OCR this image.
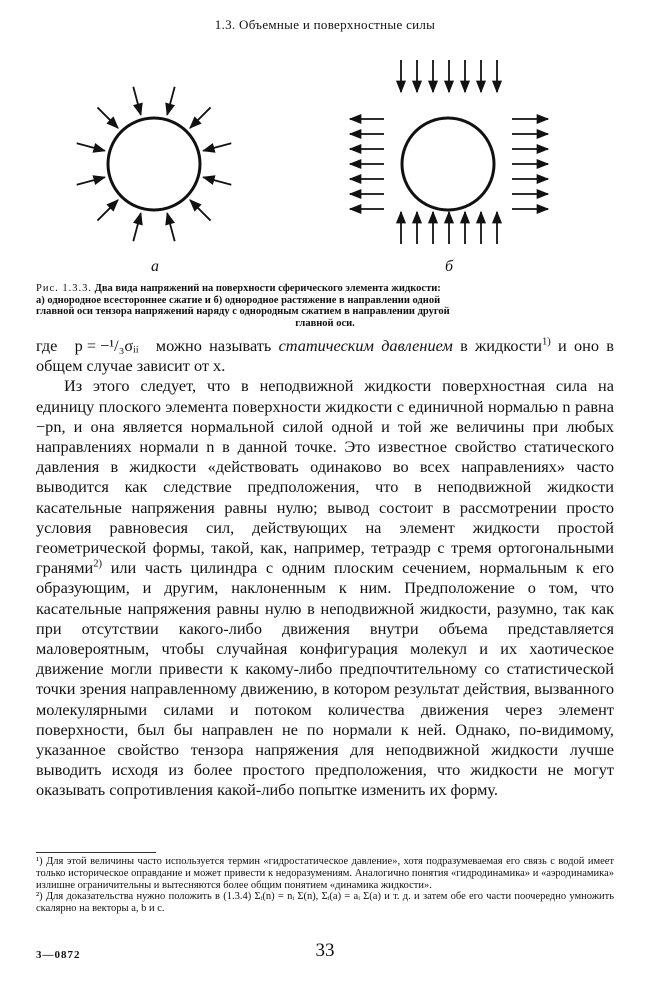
1.3. Объемные и поверхностные силы
а	б
Рис. 1.3.3. Два вида напряжений на поверхности сферического элемента жидкости:
а) однородное всестороннее сжатие и б) однородное растяжение в направлении одной
главной оси тензора напряжений наряду с однородным сжатием в направлении другой
главной оси.

где p = −¹/₃σᵢᵢ можно называть статическим давлением в жидкости$^{1)}$ и оно в общем случае зависит от x.

Из этого следует, что в неподвижной жидкости поверхностная сила на единицу плоского элемента поверхности жидкости с единичной нормалью n равна −pn, и она является нормальной силой одной и той же величины при любых направлениях нормали n в данной точке. Это известное свойство статического давления в жидкости «действовать одинаково во всех направлениях» часто выводится как следствие предположения, что в неподвижной жидкости касательные напряжения равны нулю; вывод состоит в рассмотрении просто условия равновесия сил, действующих на элемент жидкости простой геометрической формы, такой, как, например, тетраэдр с тремя ортогональными гранями$^{2)}$ или часть цилиндра с одним плоским сечением, нормальным к его образующим, и другим, наклоненным к ним. Предположение о том, что касательные напряжения равны нулю в неподвижной жидкости, разумно, так как при отсутствии какого-либо движения внутри объема представляется маловероятным, чтобы случайная конфигурация молекул и их хаотическое движение могли привести к какому-либо предпочтительному со статистической точки зрения направленному движению, в котором результат действия, вызванного молекулярными силами и потоком количества движения через элемент поверхности, был бы направлен не по нормали к ней. Однако, по-видимому, указанное свойство тензора напряжения для неподвижной жидкости лучше выводить исходя из более простого предположения, что жидкости не могут оказывать сопротивления какой-либо попытке изменить их форму.

¹) Для этой величины часто используется термин «гидростатическое давление», хотя подразумеваемая его связь с водой имеет только историческое оправдание и может привести к недоразумениям. Аналогично понятия «гидродинамика» и «аэродинамика» излишне ограничительны и вытесняются более общим понятием «динамика жидкости».

²) Для доказательства нужно положить в (1.3.4) Σᵢ(n) = nᵢ Σ(n), Σᵢ(a) = aᵢ Σ(a) и т. д. и затем обе его части поочередно умножить скалярно на векторы a, b и c.

3—0872	33
